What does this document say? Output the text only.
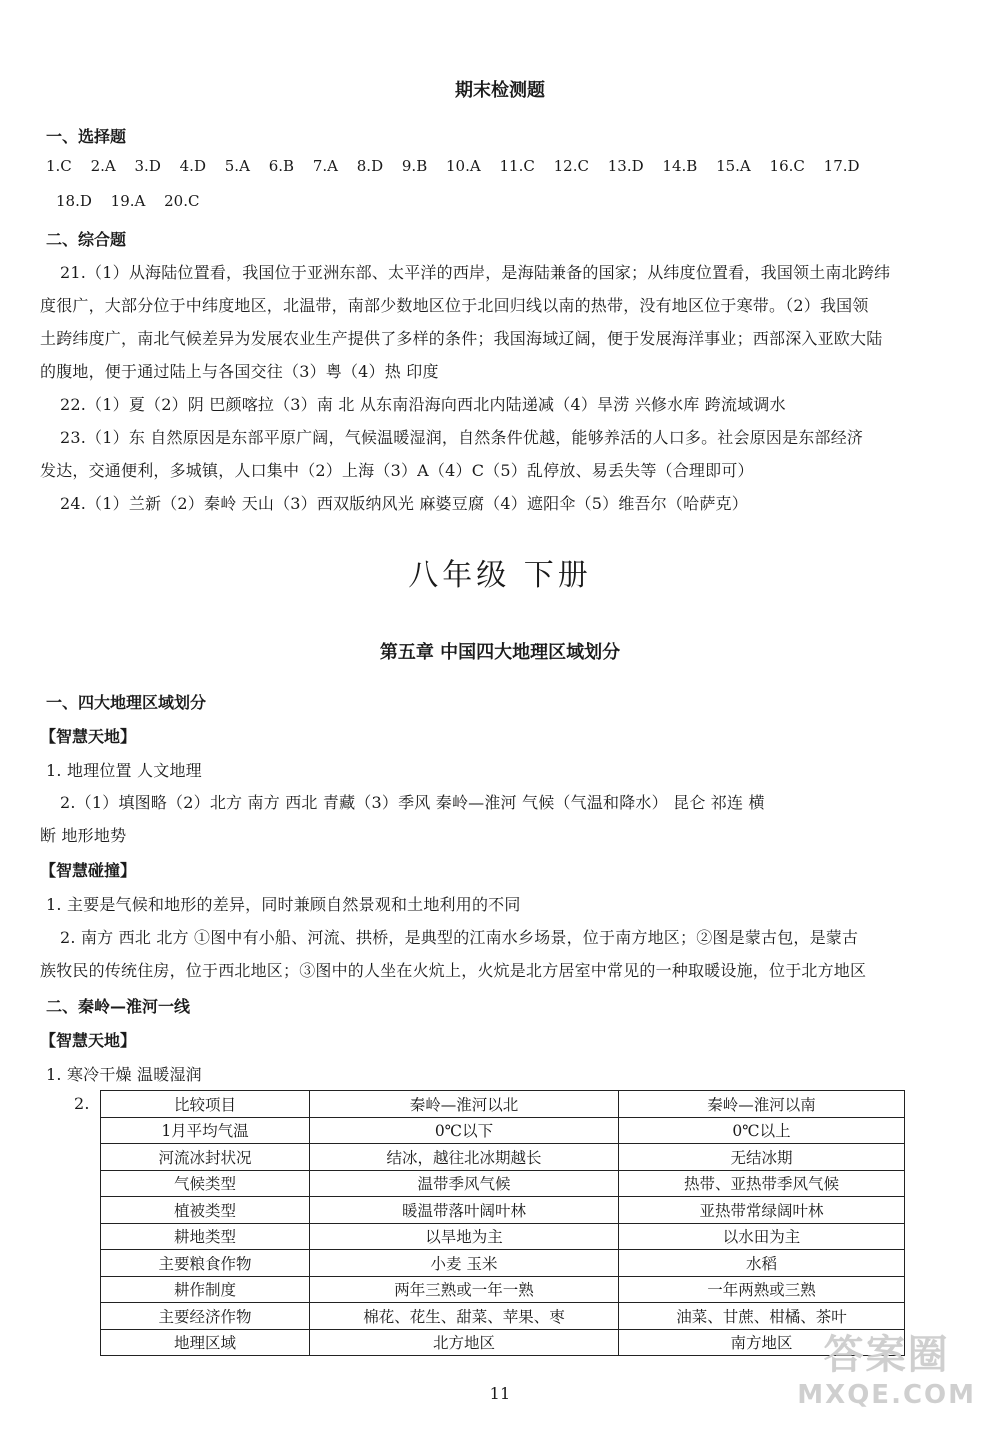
期末检测题
一、选择题
1.C 2.A 3.D 4.D 5.A 6.B 7.A 8.D 9.B 10.A 11.C 12.C 13.D 14.B 15.A 16.C 17.D
18.D 19.A 20.C
二、综合题
21.（1）从海陆位置看，我国位于亚洲东部、太平洋的西岸，是海陆兼备的国家；从纬度位置看，我国领土南北跨纬
度很广，大部分位于中纬度地区，北温带，南部少数地区位于北回归线以南的热带，没有地区位于寒带。（2）我国领
土跨纬度广，南北气候差异为发展农业生产提供了多样的条件；我国海域辽阔，便于发展海洋事业；西部深入亚欧大陆
的腹地，便于通过陆上与各国交往（3）粤（4）热 印度
22.（1）夏（2）阴 巴颜喀拉（3）南 北 从东南沿海向西北内陆递减（4）旱涝 兴修水库 跨流域调水
23.（1）东 自然原因是东部平原广阔，气候温暖湿润，自然条件优越，能够养活的人口多。社会原因是东部经济
发达，交通便利，多城镇，人口集中（2）上海（3）A（4）C（5）乱停放、易丢失等（合理即可）
24.（1）兰新（2）秦岭 天山（3）西双版纳风光 麻婆豆腐（4）遮阳伞（5）维吾尔（哈萨克）
八年级 下册
第五章 中国四大地理区域划分
一、四大地理区域划分
【智慧天地】
1. 地理位置 人文地理
2.（1）填图略（2）北方 南方 西北 青藏（3）季风 秦岭—淮河 气候（气温和降水） 昆仑 祁连 横
断 地形地势
【智慧碰撞】
1. 主要是气候和地形的差异，同时兼顾自然景观和土地利用的不同
2. 南方 西北 北方 ①图中有小船、河流、拱桥，是典型的江南水乡场景，位于南方地区；②图是蒙古包，是蒙古
族牧民的传统住房，位于西北地区；③图中的人坐在火炕上，火炕是北方居室中常见的一种取暖设施，位于北方地区
二、秦岭—淮河一线
【智慧天地】
1. 寒冷干燥 温暖湿润
2.	比较项目	秦岭—淮河以北	秦岭—淮河以南
1月平均气温	0℃以下	0℃以上
河流冰封状况	结冰，越往北冰期越长	无结冰期
气候类型	温带季风气候	热带、亚热带季风气候
植被类型	暖温带落叶阔叶林	亚热带常绿阔叶林
耕地类型	以旱地为主	以水田为主
主要粮食作物	小麦 玉米	水稻
耕作制度	两年三熟或一年一熟	一年两熟或三熟
主要经济作物	棉花、花生、甜菜、苹果、枣	油菜、甘蔗、柑橘、茶叶
地理区域	北方地区	南方地区
11
答案圈
MXQE.COM
